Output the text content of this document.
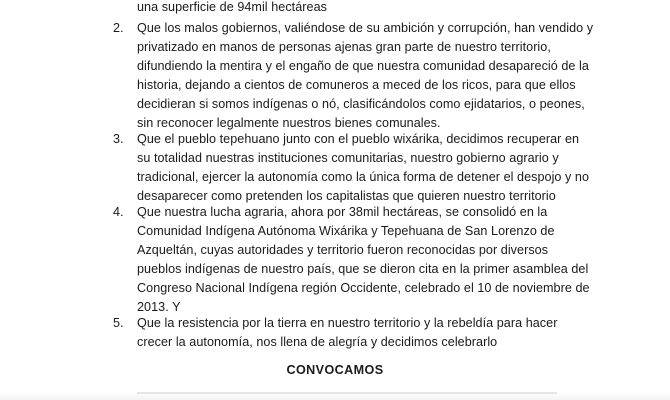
una superficie de 94mil hectáreas
2. Que los malos gobiernos, valiéndose de su ambición y corrupción, han vendido y
privatizado en manos de personas ajenas gran parte de nuestro territorio,
difundiendo la mentira y el engaño de que nuestra comunidad desapareció de la
historia, dejando a cientos de comuneros a meced de los ricos, para que ellos
decidieran si somos indígenas o nó, clasificándolos como ejidatarios, o peones,
sin reconocer legalmente nuestros bienes comunales.
3. Que el pueblo tepehuano junto con el pueblo wixárika, decidimos recuperar en
su totalidad nuestras instituciones comunitarias, nuestro gobierno agrario y
tradicional, ejercer la autonomía como la única forma de detener el despojo y no
desaparecer como pretenden los capitalistas que quieren nuestro territorio
4. Que nuestra lucha agraria, ahora por 38mil hectáreas, se consolidó en la
Comunidad Indígena Autónoma Wixárika y Tepehuana de San Lorenzo de
Azqueltán, cuyas autoridades y territorio fueron reconocidas por diversos
pueblos indígenas de nuestro país, que se dieron cita en la primer asamblea del
Congreso Nacional Indígena región Occidente, celebrado el 10 de noviembre de
2013. Y
5. Que la resistencia por la tierra en nuestro territorio y la rebeldía para hacer
crecer la autonomía, nos llena de alegría y decidimos celebrarlo
CONVOCAMOS
